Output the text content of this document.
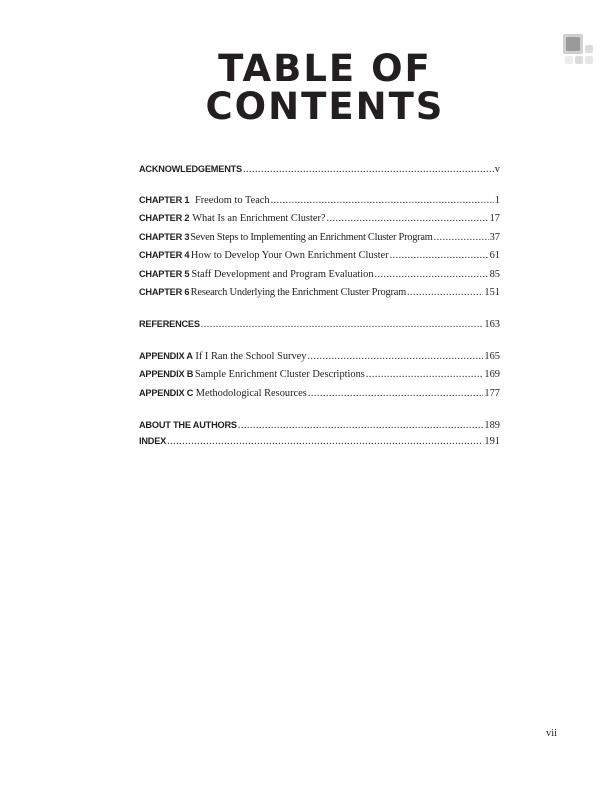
TABLE OF
CONTENTS
ACKNOWLEDGEMENTS .....	v
CHAPTER 1 Freedom to Teach .....	1
CHAPTER 2 What Is an Enrichment Cluster? .....	17
CHAPTER 3 Seven Steps to Implementing an Enrichment Cluster Program .....	37
CHAPTER 4 How to Develop Your Own Enrichment Cluster .....	61
CHAPTER 5 Staff Development and Program Evaluation .....	85
CHAPTER 6 Research Underlying the Enrichment Cluster Program .....	151
REFERENCES .....	163
APPENDIX A If I Ran the School Survey .....	165
APPENDIX B Sample Enrichment Cluster Descriptions .....	169
APPENDIX C Methodological Resources .....	177
ABOUT THE AUTHORS .....	189
INDEX .....	191
vii
